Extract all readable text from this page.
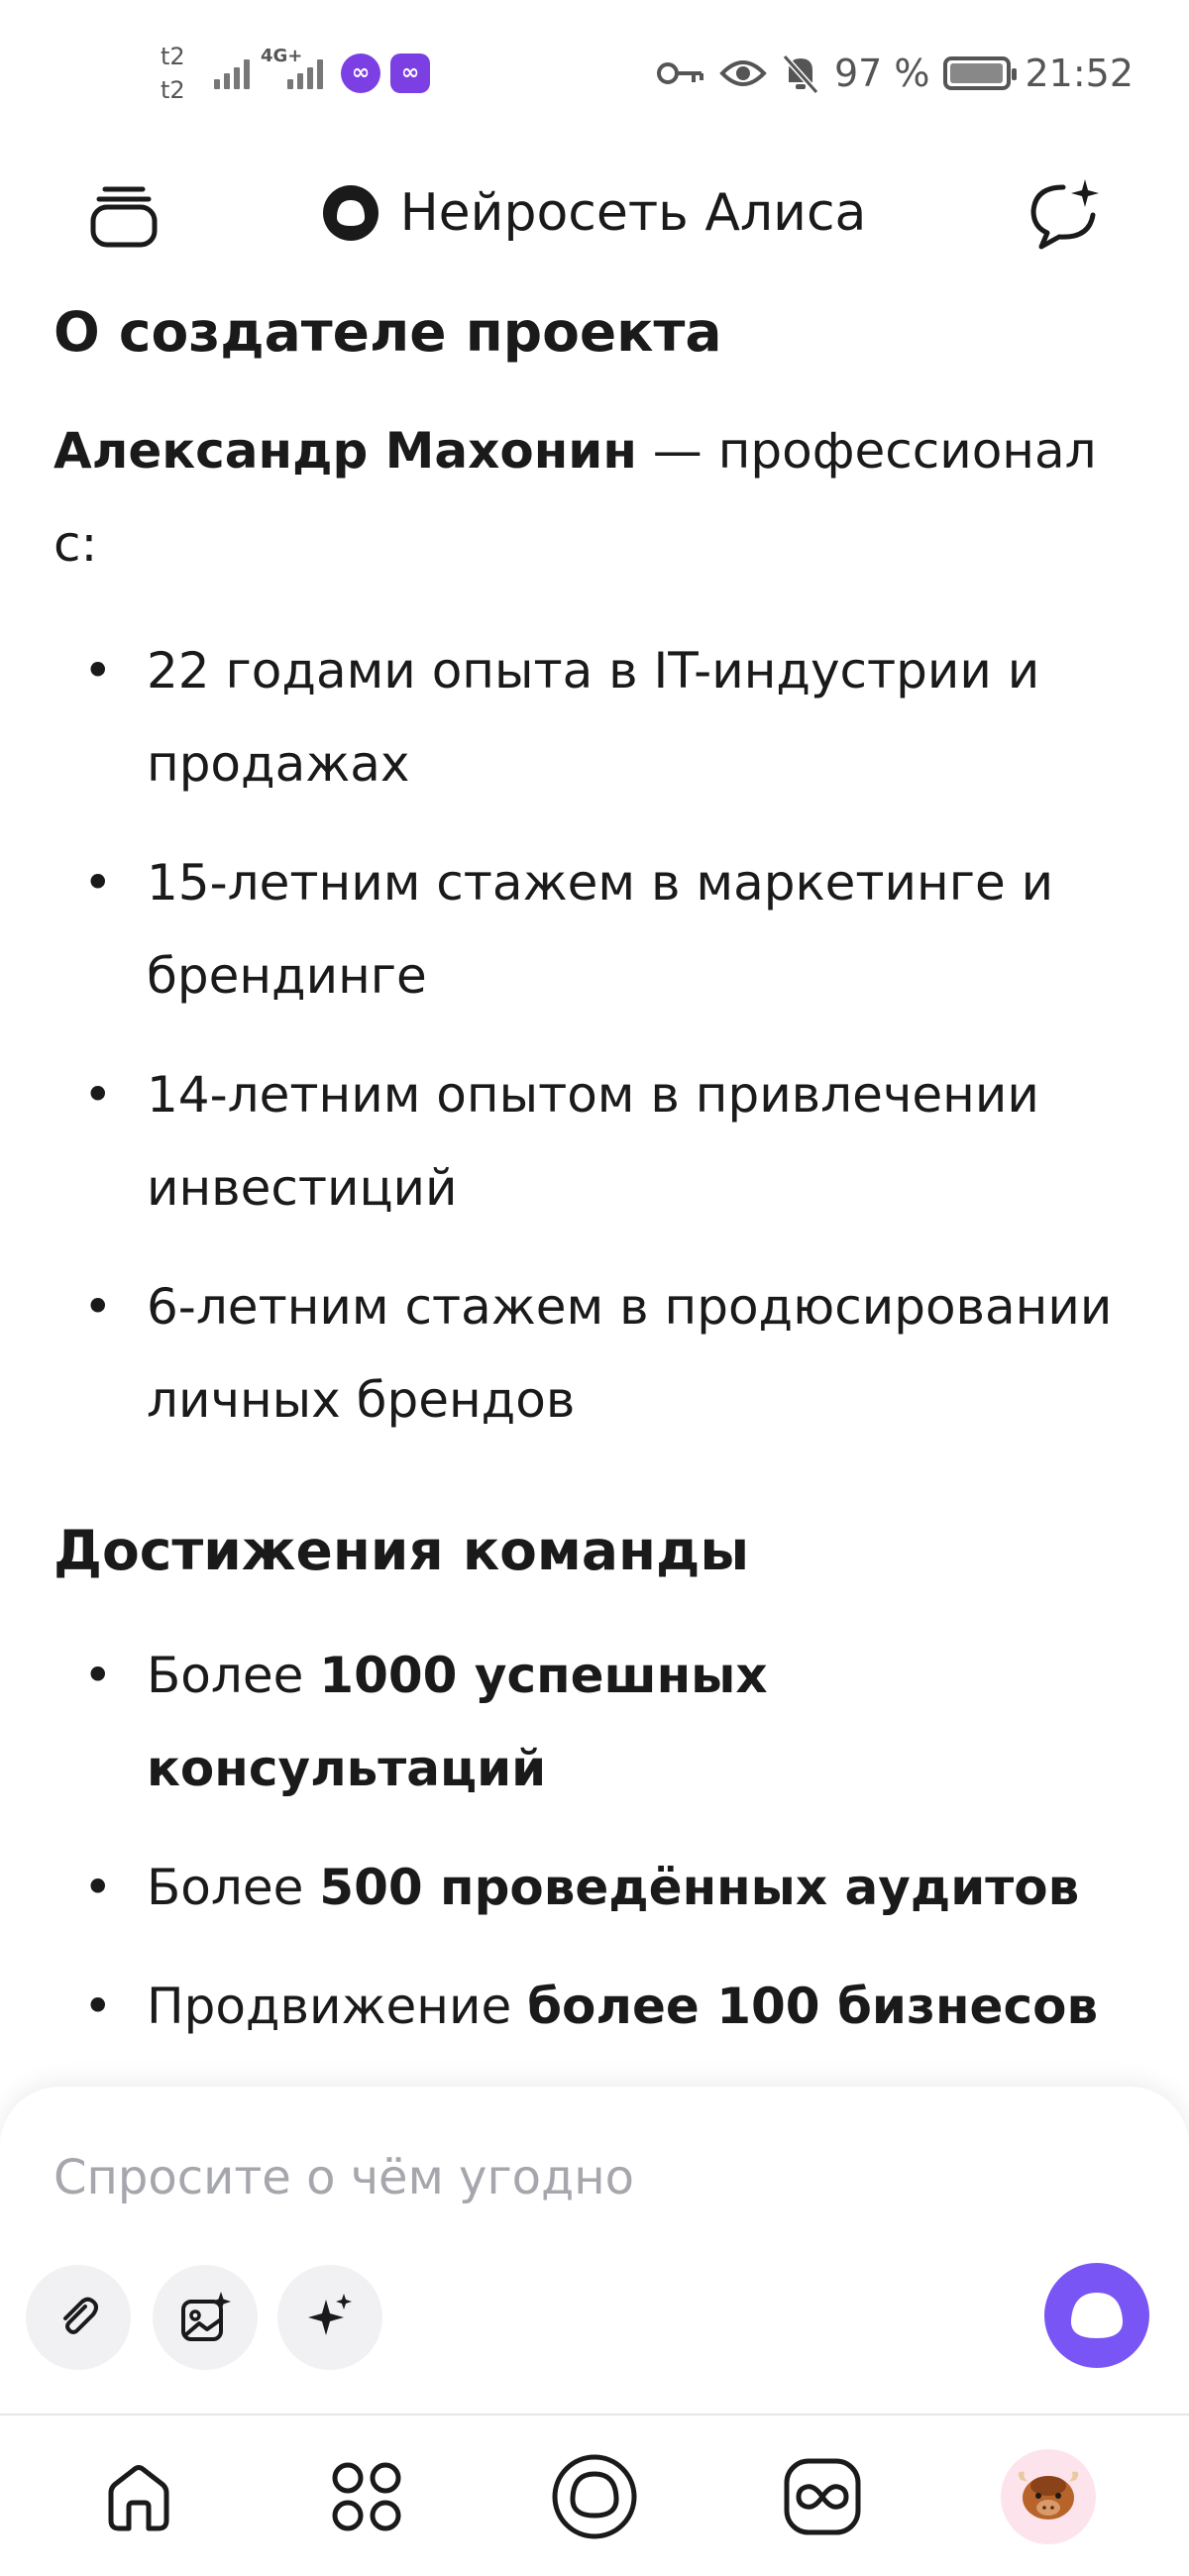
t2
t2
4G+
∞	∞	97 %	21:52
Нейросеть Алиса
О создателе проекта
Александр Махонин — профессионал с:
• 22 годами опыта в IT-индустрии и продажах
• 15-летним стажем в маркетинге и брендинге
• 14-летним опытом в привлечении инвестиций
• 6-летним стажем в продюсировании личных брендов
Достижения команды
• Более 1000 успешных консультаций
• Более 500 проведённых аудитов
• Продвижение более 100 бизнесов
Спросите о чём угодно
